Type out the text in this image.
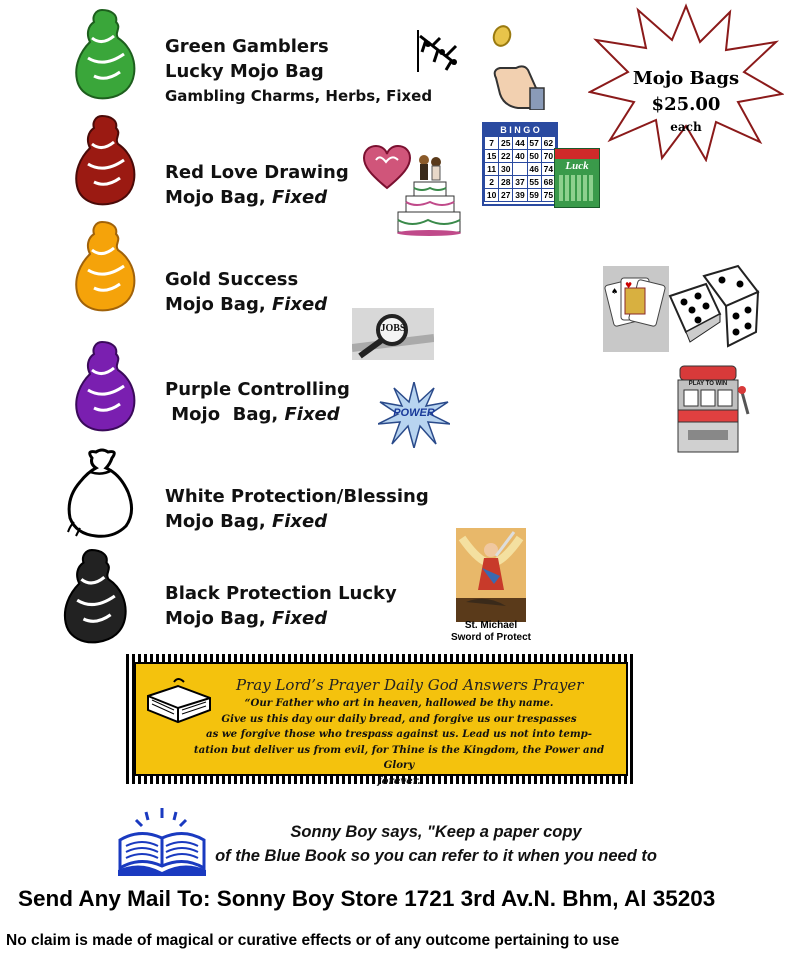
Green Gamblers
Lucky Mojo Bag
Gambling Charms, Herbs, Fixed
Mojo Bags
$25.00
each
Red Love Drawing
Mojo Bag, Fixed
B I N G O
7	25	44	57	62
15	22	40	50	70
11	30		46	74
2	28	37	55	68
10	27	39	59	75
Luck
Gold Success
Mojo Bag, Fixed
JOBS
♥
♠
Purple Controlling
Mojo  Bag, Fixed	POWER
PLAY TO WIN
White Protection/Blessing
Mojo Bag, Fixed
Black Protection Lucky
Mojo Bag, Fixed	St. Michael
Sword of Protect
Pray Lord’s Prayer Daily God Answers Prayer
“Our Father who art in heaven, hallowed be thy name.
Give us this day our daily bread, and forgive us our trespasses
as we forgive those who trespass against us. Lead us not into temp-
tation but deliver us from evil, for Thine is the Kingdom, the Power and Glory
forever.
Sonny Boy says, "Keep a paper copy
of the Blue Book so you can refer to it when you need to
Send Any Mail To: Sonny Boy Store 1721 3rd Av.N. Bhm, Al 35203
No claim is made of magical or curative effects or of any outcome pertaining to use
